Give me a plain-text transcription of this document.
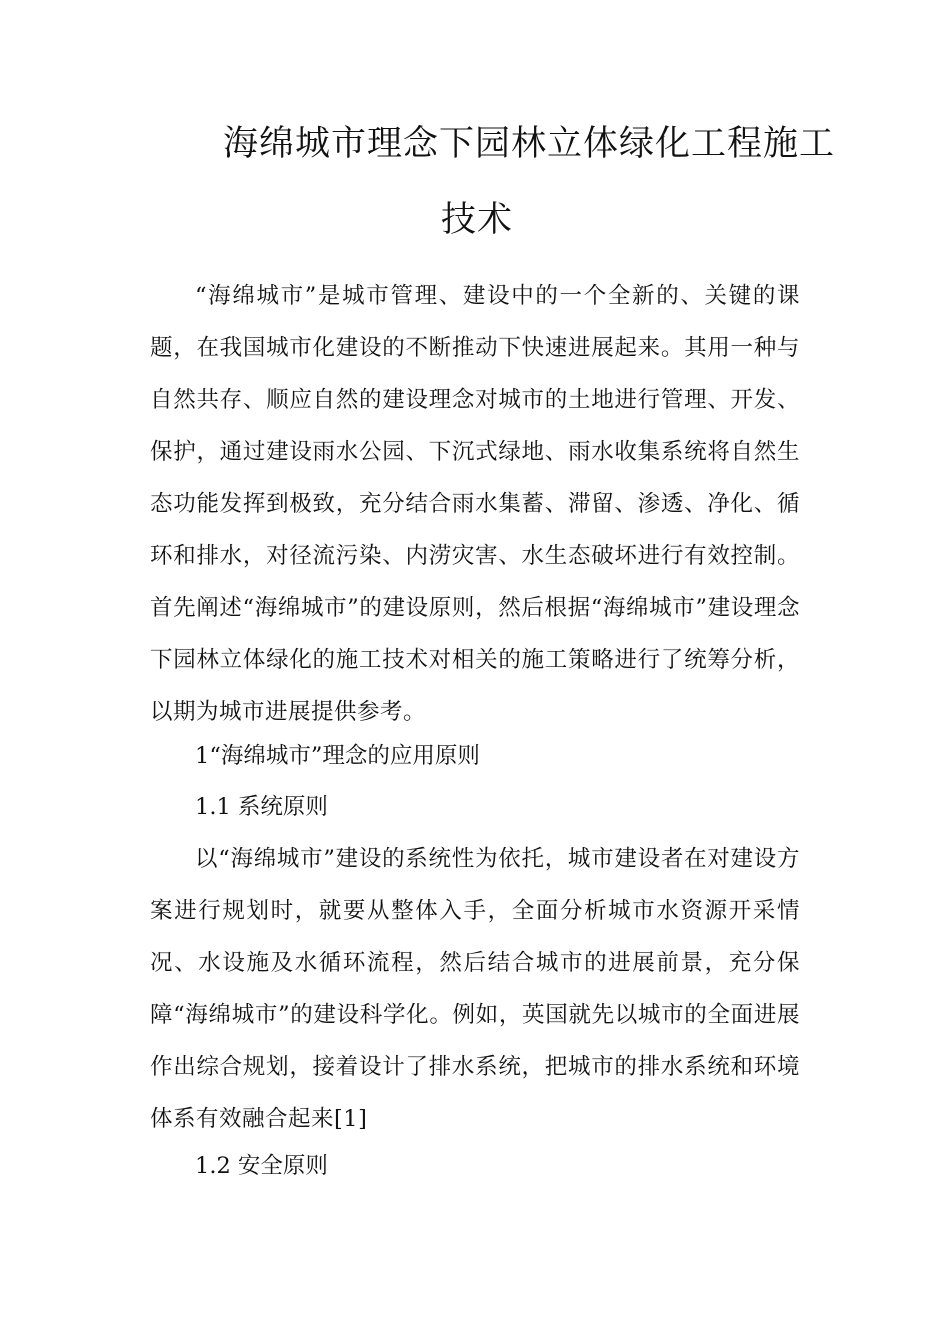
海绵城市理念下园林立体绿化工程施工
技术

“海绵城市”是城市管理、建设中的一个全新的、关键的课题，在我国城市化建设的不断推动下快速进展起来。其用一种与自然共存、顺应自然的建设理念对城市的土地进行管理、开发、保护，通过建设雨水公园、下沉式绿地、雨水收集系统将自然生态功能发挥到极致，充分结合雨水集蓄、滞留、渗透、净化、循环和排水，对径流污染、内涝灾害、水生态破坏进行有效控制。首先阐述“海绵城市”的建设原则，然后根据“海绵城市”建设理念下园林立体绿化的施工技术对相关的施工策略进行了统筹分析，以期为城市进展提供参考。

1“海绵城市”理念的应用原则

1.1 系统原则

以“海绵城市”建设的系统性为依托，城市建设者在对建设方案进行规划时，就要从整体入手，全面分析城市水资源开采情况、水设施及水循环流程，然后结合城市的进展前景，充分保障“海绵城市”的建设科学化。例如，英国就先以城市的全面进展作出综合规划，接着设计了排水系统，把城市的排水系统和环境体系有效融合起来[1]

1.2 安全原则
